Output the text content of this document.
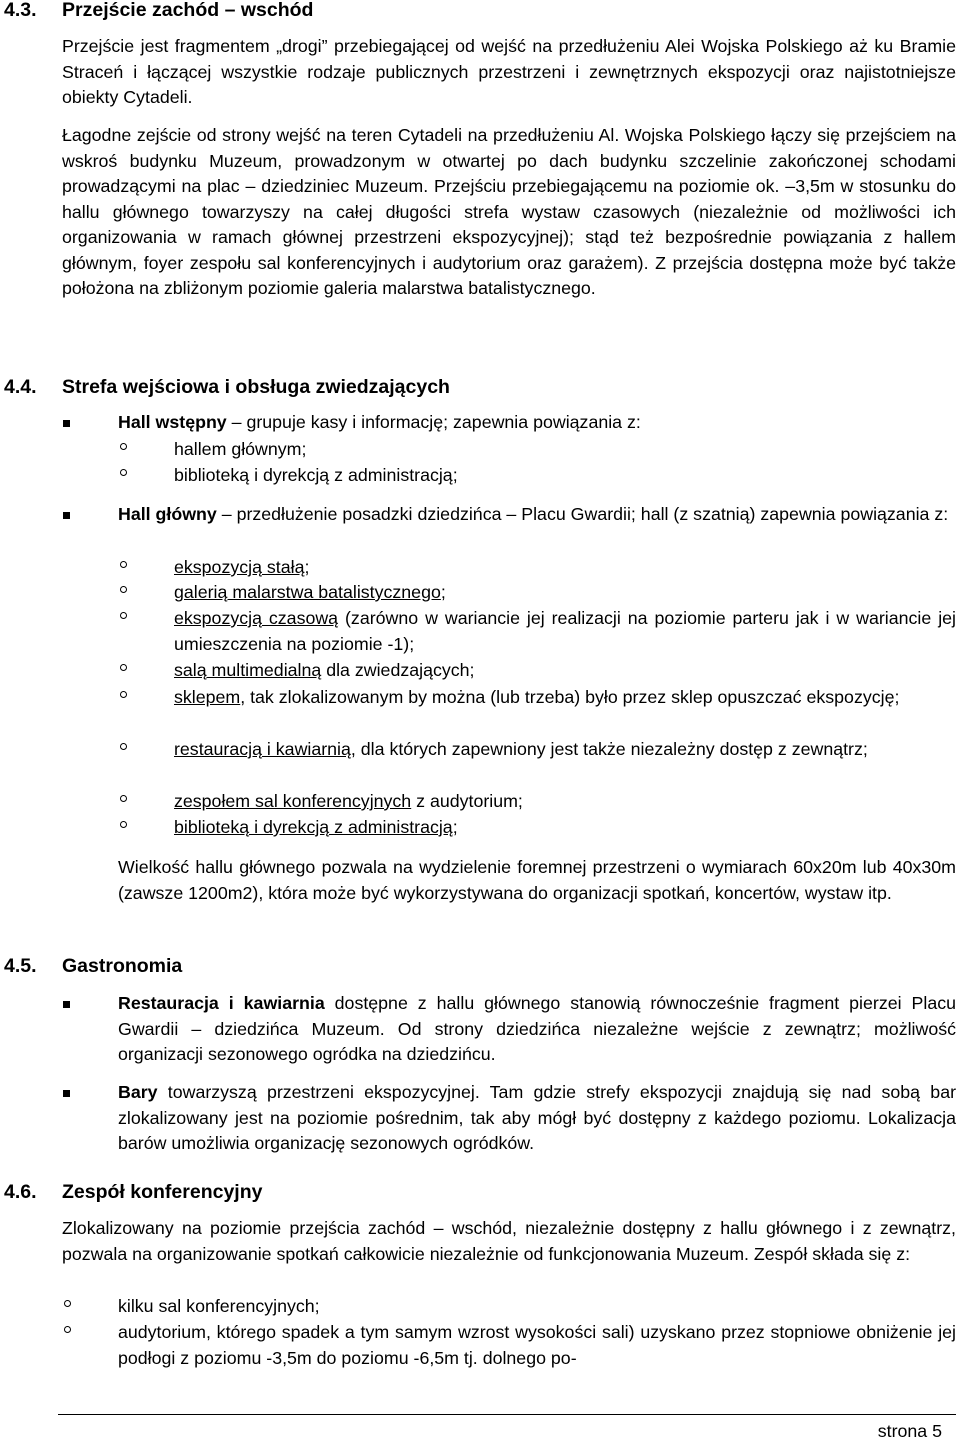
4.3. Przejście zachód – wschód
Przejście jest fragmentem „drogi” przebiegającej od wejść na przedłużeniu Alei Wojska Polskiego aż ku Bramie Straceń i łączącej wszystkie rodzaje publicznych przestrzeni i zewnętrznych ekspozycji oraz najistotniejsze obiekty Cytadeli.
Łagodne zejście od strony wejść na teren Cytadeli na przedłużeniu Al. Wojska Polskiego łączy się przejściem na wskroś budynku Muzeum, prowadzonym w otwartej po dach budynku szczelinie zakończonej schodami prowadzącymi na plac – dziedziniec Muzeum. Przejściu przebiegającemu na poziomie ok. –3,5m w stosunku do hallu głównego towarzyszy na całej długości strefa wystaw czasowych (niezależnie od możliwości ich organizowania w ramach głównej przestrzeni ekspozycyjnej); stąd też bezpośrednie powiązania z hallem głównym, foyer zespołu sal konferencyjnych i audytorium oraz garażem). Z przejścia dostępna może być także położona na zbliżonym poziomie galeria malarstwa batalistycznego.
4.4. Strefa wejściowa i obsługa zwiedzających
Hall wstępny – grupuje kasy i informację; zapewnia powiązania z:
hallem głównym;
biblioteką i dyrekcją z administracją;
Hall główny – przedłużenie posadzki dziedzińca – Placu Gwardii; hall (z szatnią) zapewnia powiązania z:
ekspozycją stałą;
galerią malarstwa batalistycznego;
ekspozycją czasową (zarówno w wariancie jej realizacji na poziomie parteru jak i w wariancie jej umieszczenia na poziomie -1);
salą multimedialną dla zwiedzających;
sklepem, tak zlokalizowanym by można (lub trzeba) było przez sklep opuszczać ekspozycję;
restauracją i kawiarnią, dla których zapewniony jest także niezależny dostęp z zewnątrz;
zespołem sal konferencyjnych z audytorium;
biblioteką i dyrekcją z administracją;
Wielkość hallu głównego pozwala na wydzielenie foremnej przestrzeni o wymiarach 60x20m lub 40x30m (zawsze 1200m2), która może być wykorzystywana do organizacji spotkań, koncertów, wystaw itp.
4.5. Gastronomia
Restauracja i kawiarnia dostępne z hallu głównego stanowią równocześnie fragment pierzei Placu Gwardii – dziedzińca Muzeum. Od strony dziedzińca niezależne wejście z zewnątrz; możliwość organizacji sezonowego ogródka na dziedzińcu.
Bary towarzyszą przestrzeni ekspozycyjnej. Tam gdzie strefy ekspozycji znajdują się nad sobą bar zlokalizowany jest na poziomie pośrednim, tak aby mógł być dostępny z każdego poziomu. Lokalizacja barów umożliwia organizację sezonowych ogródków.
4.6. Zespół konferencyjny
Zlokalizowany na poziomie przejścia zachód – wschód, niezależnie dostępny z hallu głównego i z zewnątrz, pozwala na organizowanie spotkań całkowicie niezależnie od funkcjonowania Muzeum. Zespół składa się z:
kilku sal konferencyjnych;
audytorium, którego spadek a tym samym wzrost wysokości sali) uzyskano przez stopniowe obniżenie jej podłogi z poziomu -3,5m do poziomu -6,5m tj. dolnego po-
strona 5
